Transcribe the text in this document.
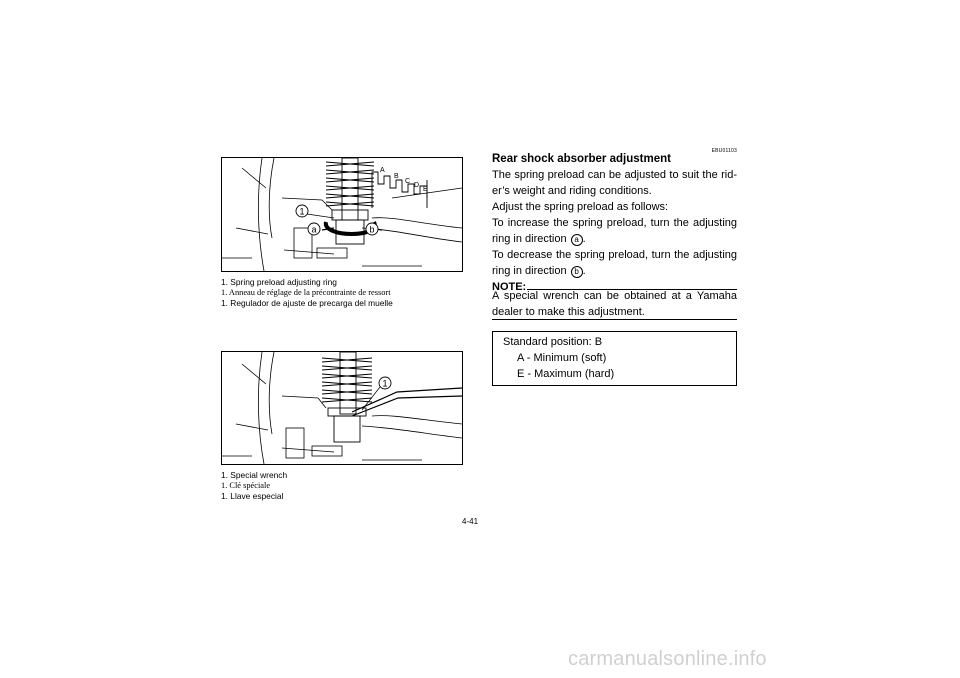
A
B
C
D
E
1
a	b
1. Spring preload adjusting ring
1. Anneau de réglage de la précontrainte de ressort
1. Regulador de ajuste de precarga del muelle
1
1. Special wrench
1. Clé spéciale
1. Llave especial
EBU01103
Rear shock absorber adjustment
The spring preload can be adjusted to suit the rid-er’s weight and riding conditions.
Adjust the spring preload as follows:
To increase the spring preload, turn the adjusting ring in direction a .
To decrease the spring preload, turn the adjusting ring in direction b .
NOTE:
A special wrench can be obtained at a Yamaha dealer to make this adjustment.
Standard position: B
A - Minimum (soft)
E - Maximum (hard)
4-41
carmanualsonline.info
